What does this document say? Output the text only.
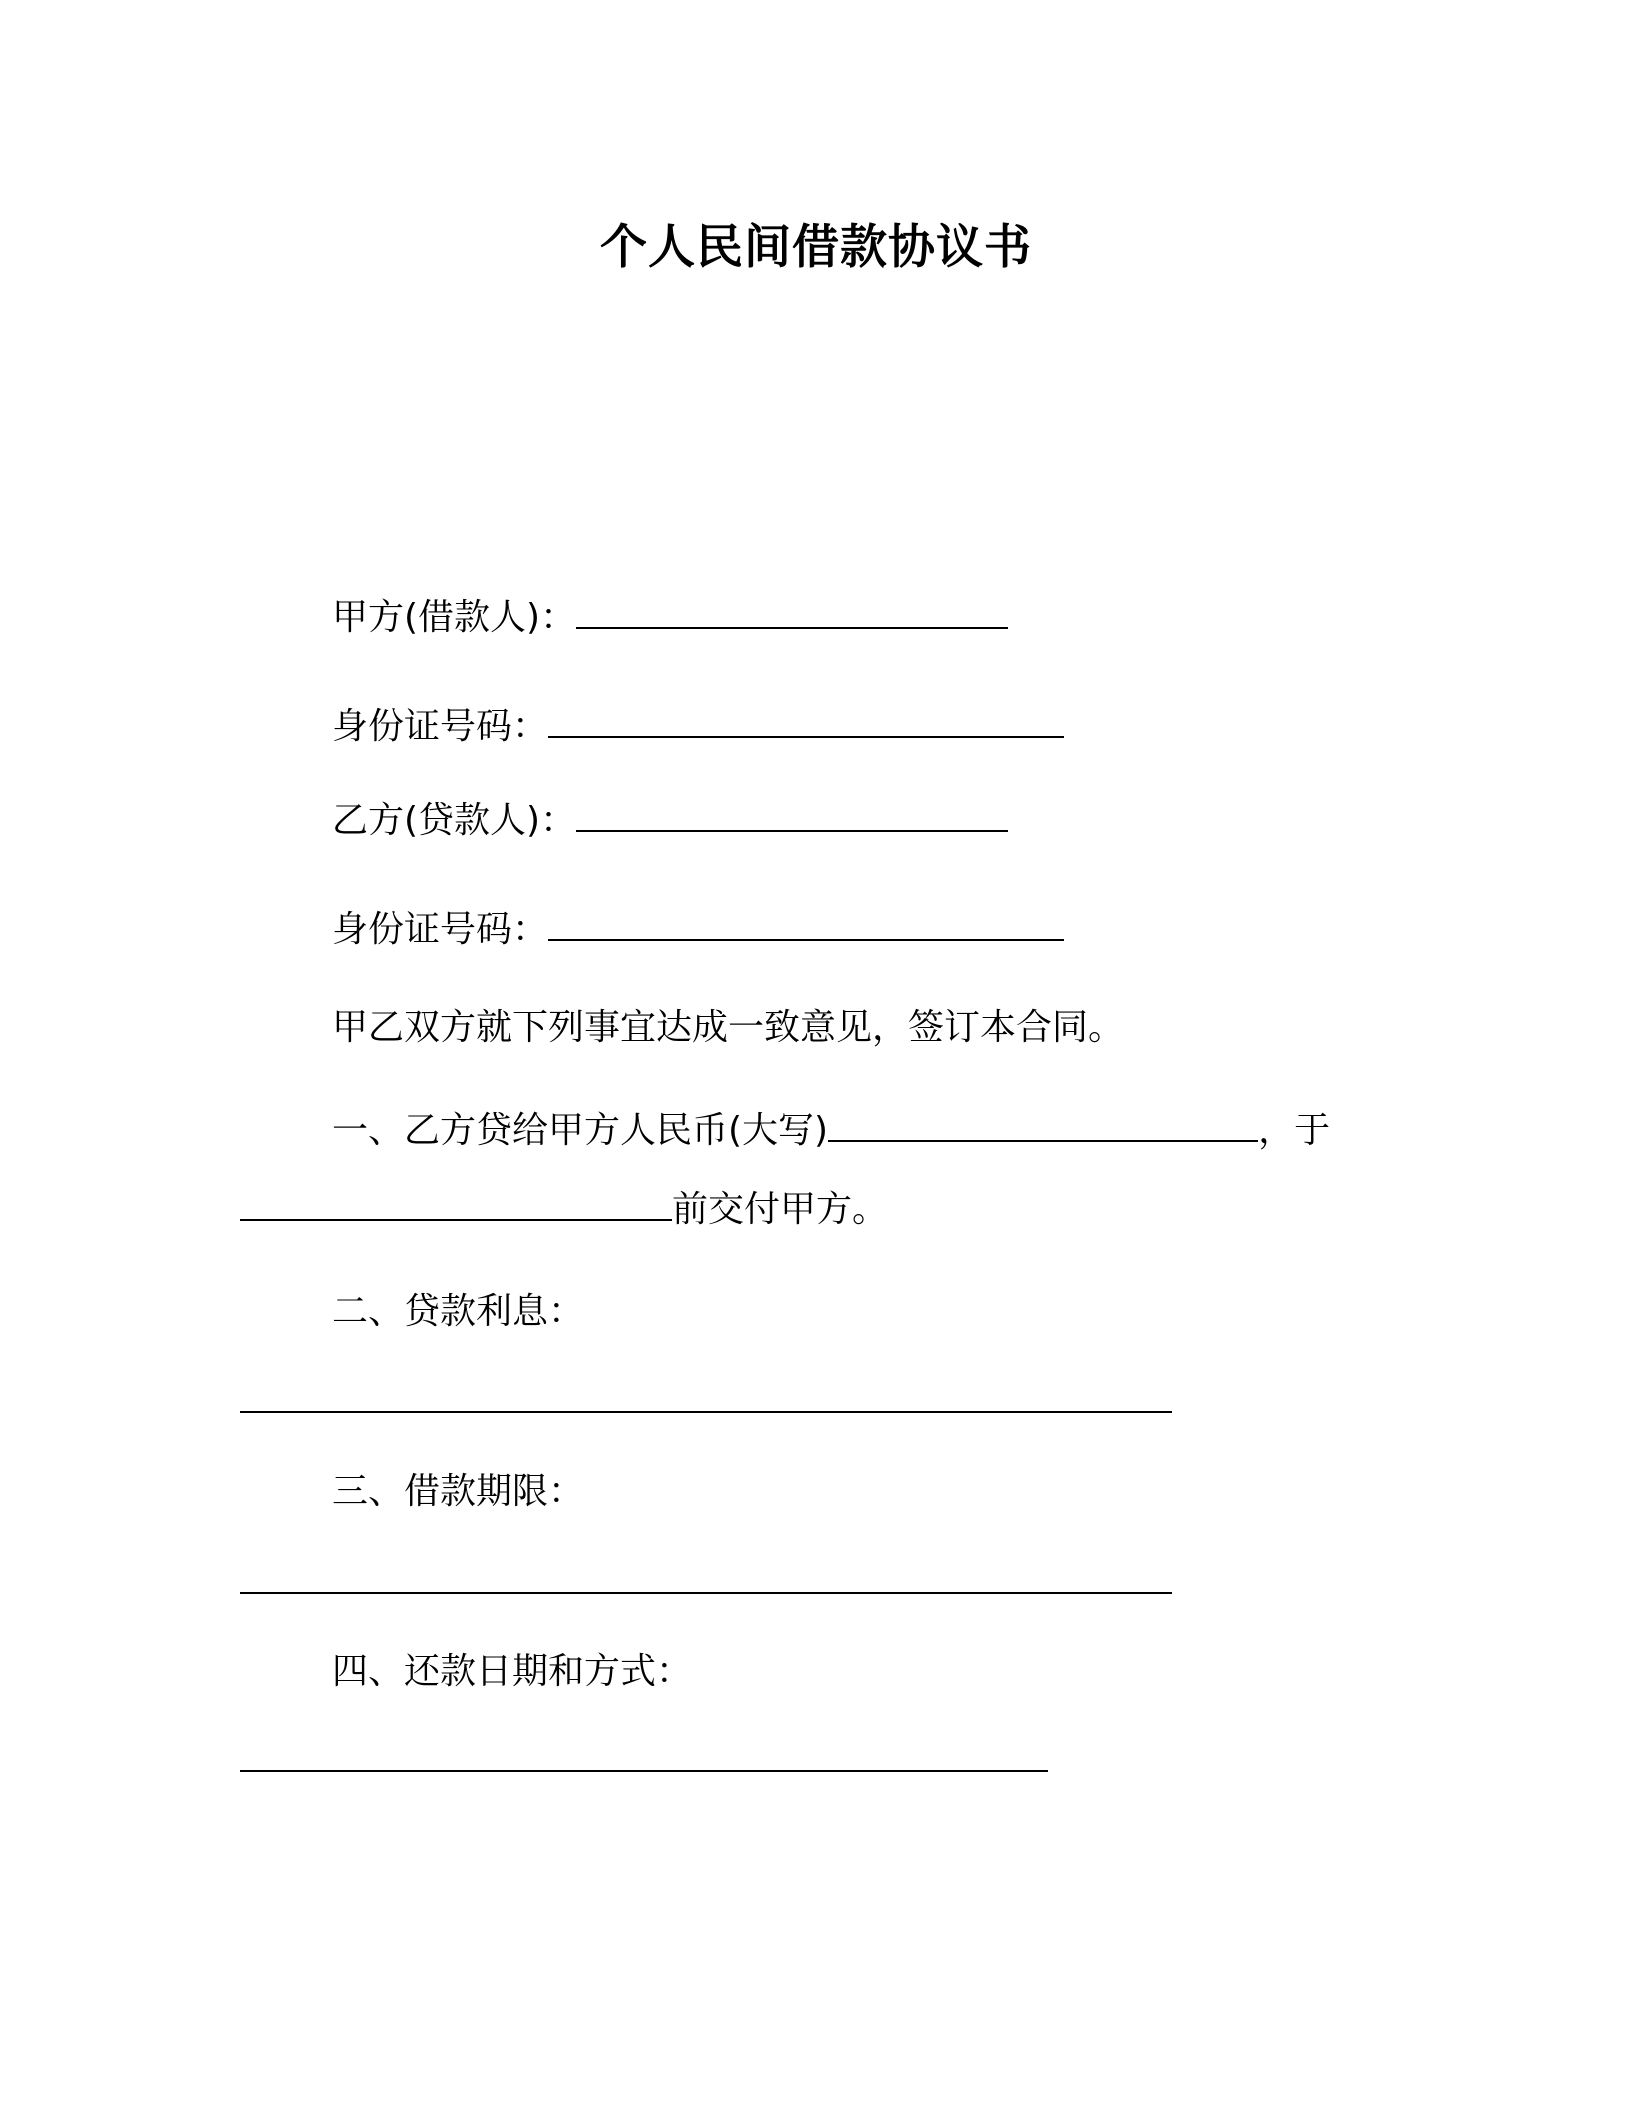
个人民间借款协议书
甲方(借款人)：
身份证号码：
乙方(贷款人)：
身份证号码：
甲乙双方就下列事宜达成一致意见，签订本合同。
一、乙方贷给甲方人民币(大写)	，于
前交付甲方。
二、贷款利息：
三、借款期限：
四、还款日期和方式：
